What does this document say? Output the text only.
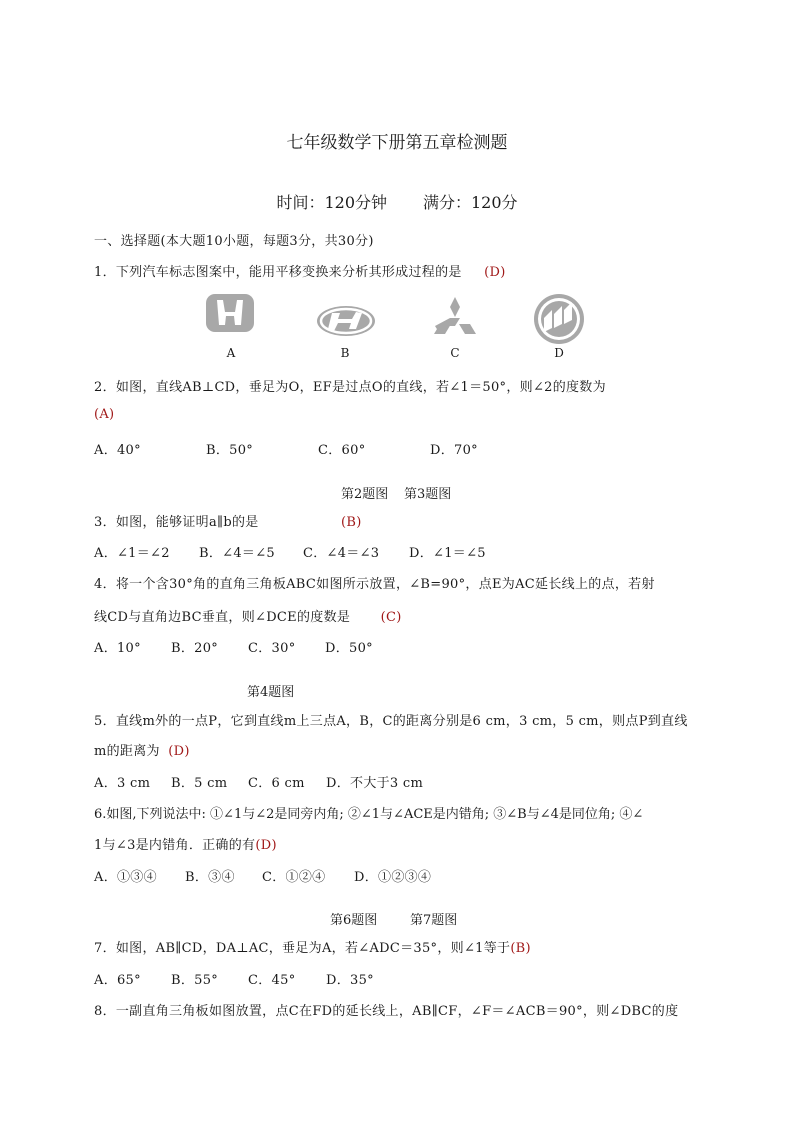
七年级数学下册第五章检测题
时间：120分钟 满分：120分
一、选择题(本大题10小题，每题3分，共30分)
1．下列汽车标志图案中，能用平移变换来分析其形成过程的是 (D)
A	B	C	D
2．如图，直线AB⊥CD，垂足为O，EF是过点O的直线，若∠1＝50°，则∠2的度数为
(A)
A．40°	B．50°	C．60°	D．70°
第2题图 第3题图
3．如图，能够证明a∥b的是	(B)
A．∠1＝∠2 B．∠4＝∠5 C．∠4＝∠3 D．∠1＝∠5
4．将一个含30°角的直角三角板ABC如图所示放置，∠B=90°，点E为AC延长线上的点，若射
线CD与直角边BC垂直，则∠DCE的度数是 (C)
A．10° B．20° C．30° D．50°
第4题图
5．直线m外的一点P，它到直线m上三点A，B，C的距离分别是6 cm，3 cm，5 cm，则点P到直线
m的距离为 (D)
A．3 cm B．5 cm C．6 cm D．不大于3 cm
6.如图,下列说法中: ①∠1与∠2是同旁内角; ②∠1与∠ACE是内错角; ③∠B与∠4是同位角; ④∠
1与∠3是内错角．正确的有(D)
A．①③④ B．③④ C．①②④ D．①②③④
第6题图	第7题图
7．如图，AB∥CD，DA⊥AC，垂足为A，若∠ADC＝35°，则∠1等于(B)
A．65° B．55° C．45° D．35°
8．一副直角三角板如图放置，点C在FD的延长线上，AB∥CF，∠F＝∠ACB＝90°，则∠DBC的度
